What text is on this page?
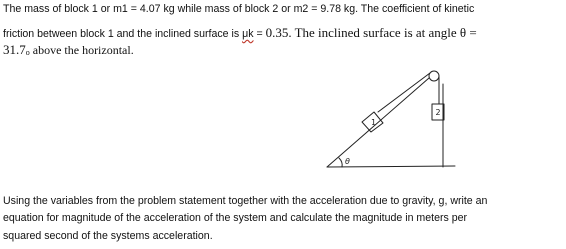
The mass of block 1 or m1 = 4.07 kg while mass of block 2 or m2 = 9.78 kg. The coefficient of kinetic

friction between block 1 and the inclined surface is μk = 0.35. The inclined surface is at angle θ =

31.7o above the horizontal.

1
2
θ

Using the variables from the problem statement together with the acceleration due to gravity, g, write an

equation for magnitude of the acceleration of the system and calculate the magnitude in meters per

squared second of the systems acceleration.
